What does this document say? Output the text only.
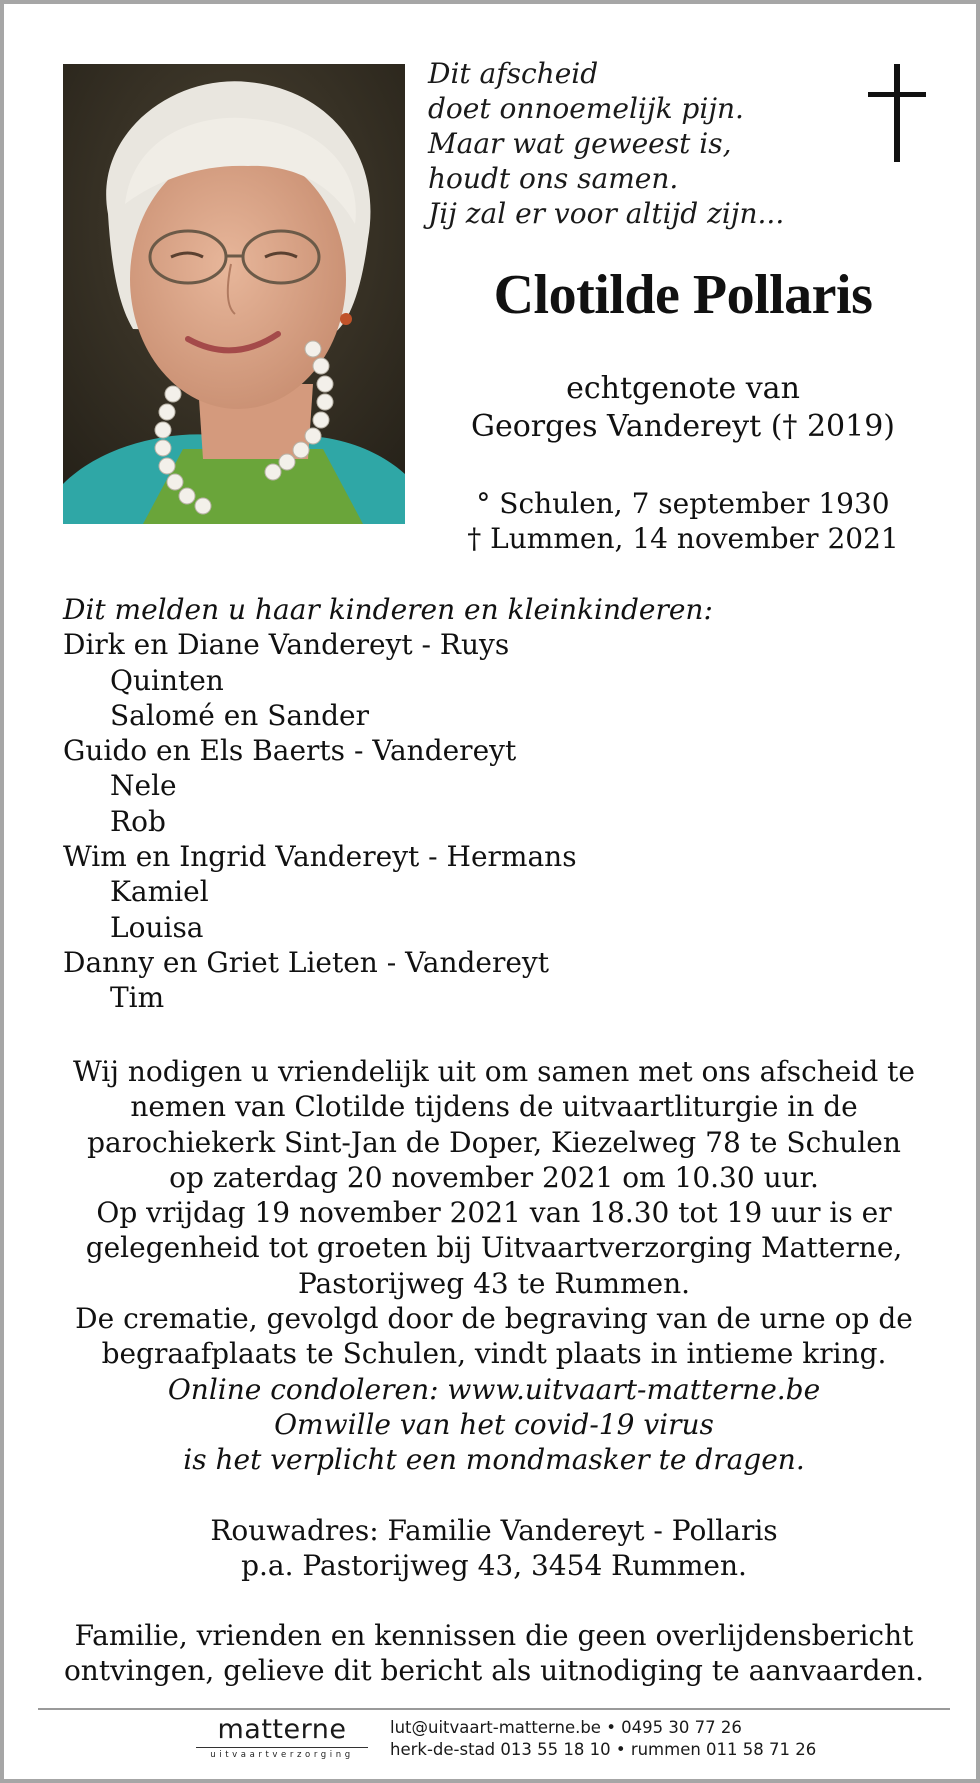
Dit afscheid
doet onnoemelijk pijn.
Maar wat geweest is,
houdt ons samen.
Jij zal er voor altijd zijn...
Clotilde Pollaris
echtgenote van
Georges Vandereyt († 2019)
° Schulen, 7 september 1930
† Lummen, 14 november 2021
Dit melden u haar kinderen en kleinkinderen:
Dirk en Diane Vandereyt - Ruys
Quinten
Salomé en Sander
Guido en Els Baerts - Vandereyt
Nele
Rob
Wim en Ingrid Vandereyt - Hermans
Kamiel
Louisa
Danny en Griet Lieten - Vandereyt
Tim
Wij nodigen u vriendelijk uit om samen met ons afscheid te
nemen van Clotilde tijdens de uitvaartliturgie in de
parochiekerk Sint-Jan de Doper, Kiezelweg 78 te Schulen
op zaterdag 20 november 2021 om 10.30 uur.
Op vrijdag 19 november 2021 van 18.30 tot 19 uur is er
gelegenheid tot groeten bij Uitvaartverzorging Matterne,
Pastorijweg 43 te Rummen.
De crematie, gevolgd door de begraving van de urne op de
begraafplaats te Schulen, vindt plaats in intieme kring.
Online condoleren: www.uitvaart-matterne.be
Omwille van het covid-19 virus
is het verplicht een mondmasker te dragen.
Rouwadres: Familie Vandereyt - Pollaris
p.a. Pastorijweg 43, 3454 Rummen.
Familie, vrienden en kennissen die geen overlijdensbericht
ontvingen, gelieve dit bericht als uitnodiging te aanvaarden.
matterne
uitvaartverzorging
lut@uitvaart-matterne.be • 0495 30 77 26
herk-de-stad 013 55 18 10 • rummen 011 58 71 26
